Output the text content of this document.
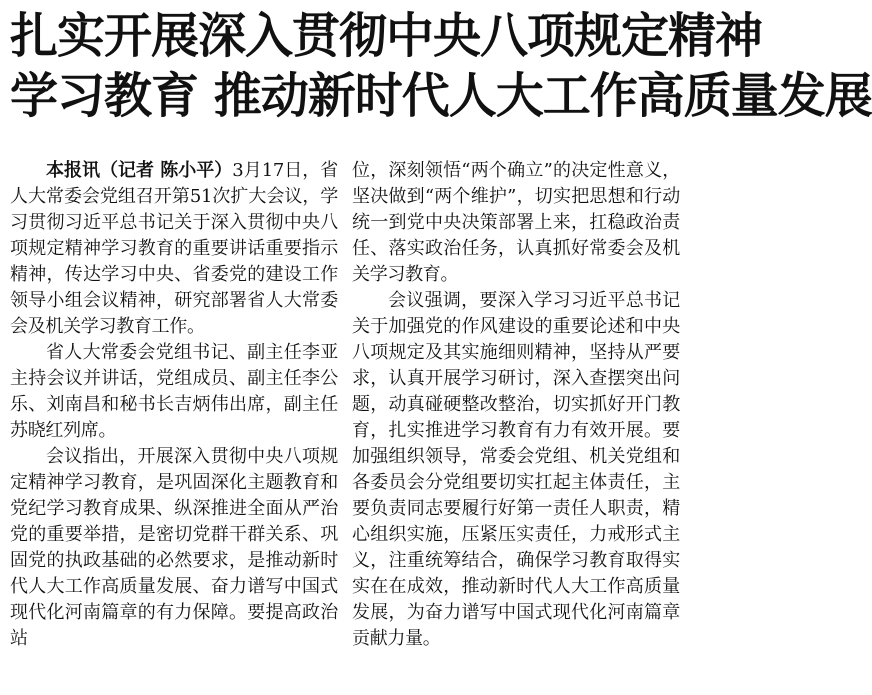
扎实开展深入贯彻中央八项规定精神
学习教育 推动新时代人大工作高质量发展

本报讯（记者 陈小平）3月17日，省人大常委会党组召开第51次扩大会议，学习贯彻习近平总书记关于深入贯彻中央八项规定精神学习教育的重要讲话重要指示精神，传达学习中央、省委党的建设工作领导小组会议精神，研究部署省人大常委会及机关学习教育工作。

省人大常委会党组书记、副主任李亚主持会议并讲话，党组成员、副主任李公乐、刘南昌和秘书长吉炳伟出席，副主任苏晓红列席。

会议指出，开展深入贯彻中央八项规定精神学习教育，是巩固深化主题教育和党纪学习教育成果、纵深推进全面从严治党的重要举措，是密切党群干群关系、巩固党的执政基础的必然要求，是推动新时代人大工作高质量发展、奋力谱写中国式现代化河南篇章的有力保障。要提高政治站

位，深刻领悟“两个确立”的决定性意义，坚决做到“两个维护”，切实把思想和行动统一到党中央决策部署上来，扛稳政治责任、落实政治任务，认真抓好常委会及机关学习教育。

会议强调，要深入学习习近平总书记关于加强党的作风建设的重要论述和中央八项规定及其实施细则精神，坚持从严要求，认真开展学习研讨，深入查摆突出问题，动真碰硬整改整治，切实抓好开门教育，扎实推进学习教育有力有效开展。要加强组织领导，常委会党组、机关党组和各委员会分党组要切实扛起主体责任，主要负责同志要履行好第一责任人职责，精心组织实施，压紧压实责任，力戒形式主义，注重统筹结合，确保学习教育取得实实在在成效，推动新时代人大工作高质量发展，为奋力谱写中国式现代化河南篇章贡献力量。
